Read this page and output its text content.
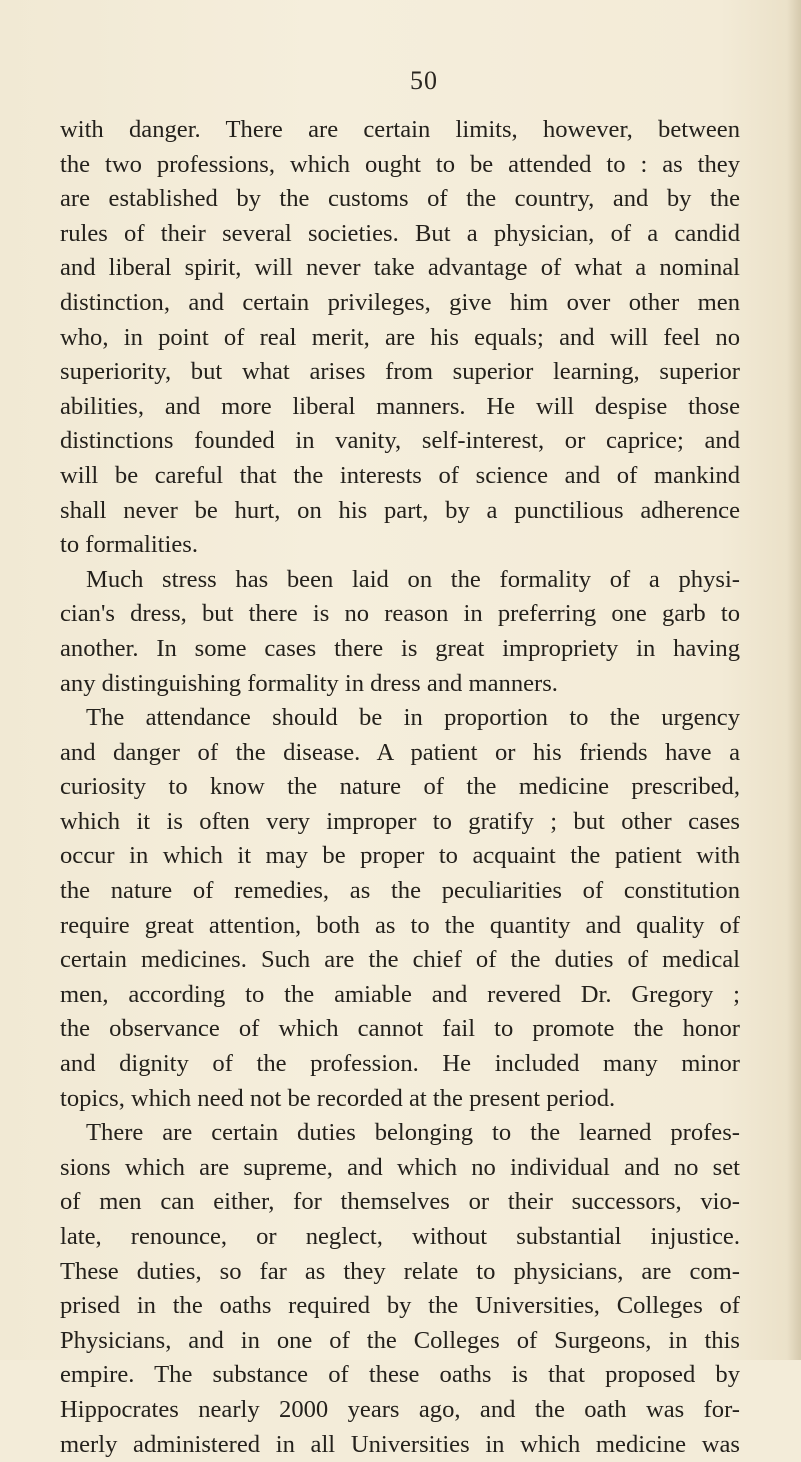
50
with danger. There are certain limits, however, between
the two professions, which ought to be attended to : as they
are established by the customs of the country, and by the
rules of their several societies. But a physician, of a candid
and liberal spirit, will never take advantage of what a nominal
distinction, and certain privileges, give him over other men
who, in point of real merit, are his equals; and will feel no
superiority, but what arises from superior learning, superior
abilities, and more liberal manners. He will despise those
distinctions founded in vanity, self-interest, or caprice; and
will be careful that the interests of science and of mankind
shall never be hurt, on his part, by a punctilious adherence
to formalities.
Much stress has been laid on the formality of a physi-
cian's dress, but there is no reason in preferring one garb to
another. In some cases there is great impropriety in having
any distinguishing formality in dress and manners.
The attendance should be in proportion to the urgency
and danger of the disease. A patient or his friends have a
curiosity to know the nature of the medicine prescribed,
which it is often very improper to gratify ; but other cases
occur in which it may be proper to acquaint the patient with
the nature of remedies, as the peculiarities of constitution
require great attention, both as to the quantity and quality of
certain medicines. Such are the chief of the duties of medical
men, according to the amiable and revered Dr. Gregory ;
the observance of which cannot fail to promote the honor
and dignity of the profession. He included many minor
topics, which need not be recorded at the present period.
There are certain duties belonging to the learned profes-
sions which are supreme, and which no individual and no set
of men can either, for themselves or their successors, vio-
late, renounce, or neglect, without substantial injustice.
These duties, so far as they relate to physicians, are com-
prised in the oaths required by the Universities, Colleges of
Physicians, and in one of the Colleges of Surgeons, in this
empire. The substance of these oaths is that proposed by
Hippocrates nearly 2000 years ago, and the oath was for-
merly administered in all Universities in which medicine was
